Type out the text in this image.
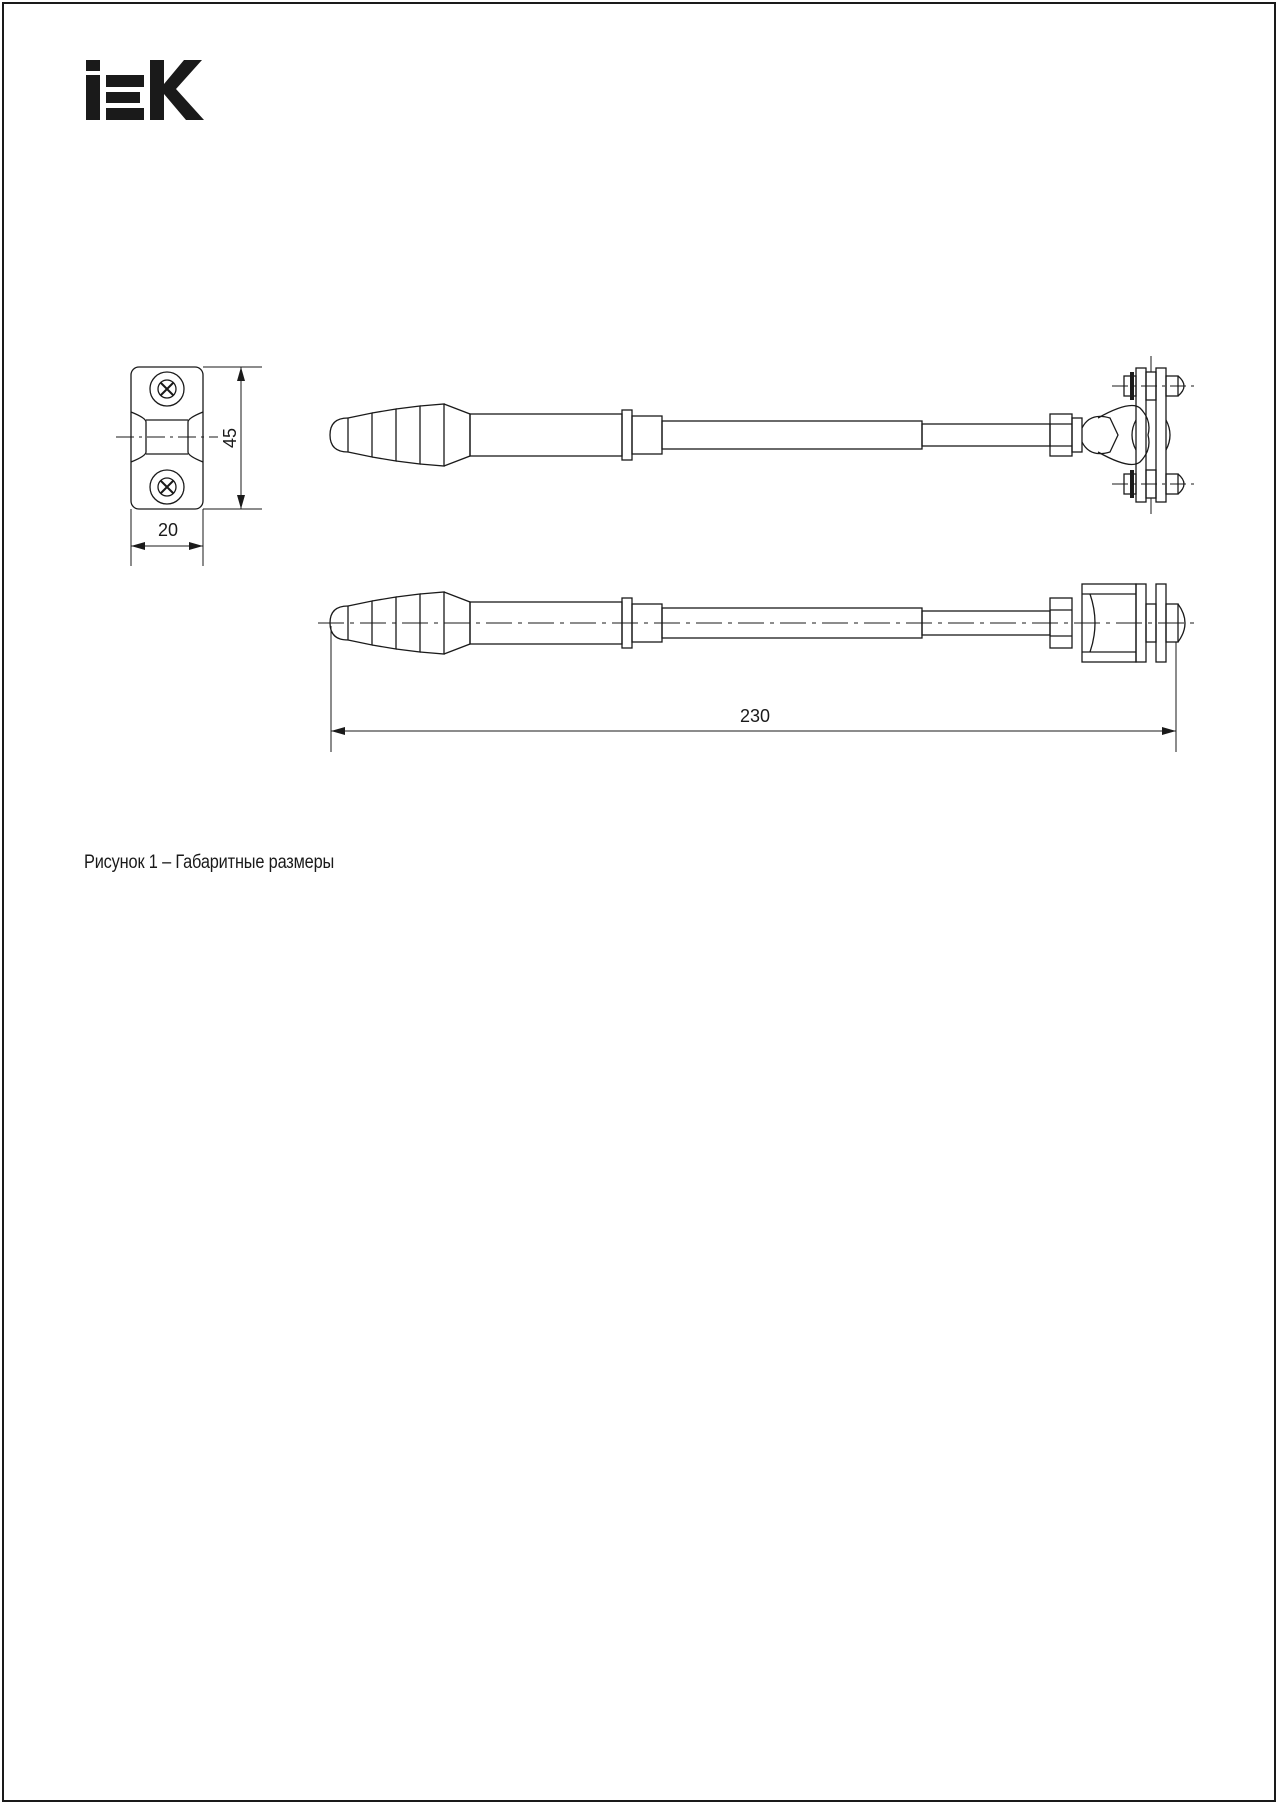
45
20
230
Рисунок 1 – Габаритные размеры
